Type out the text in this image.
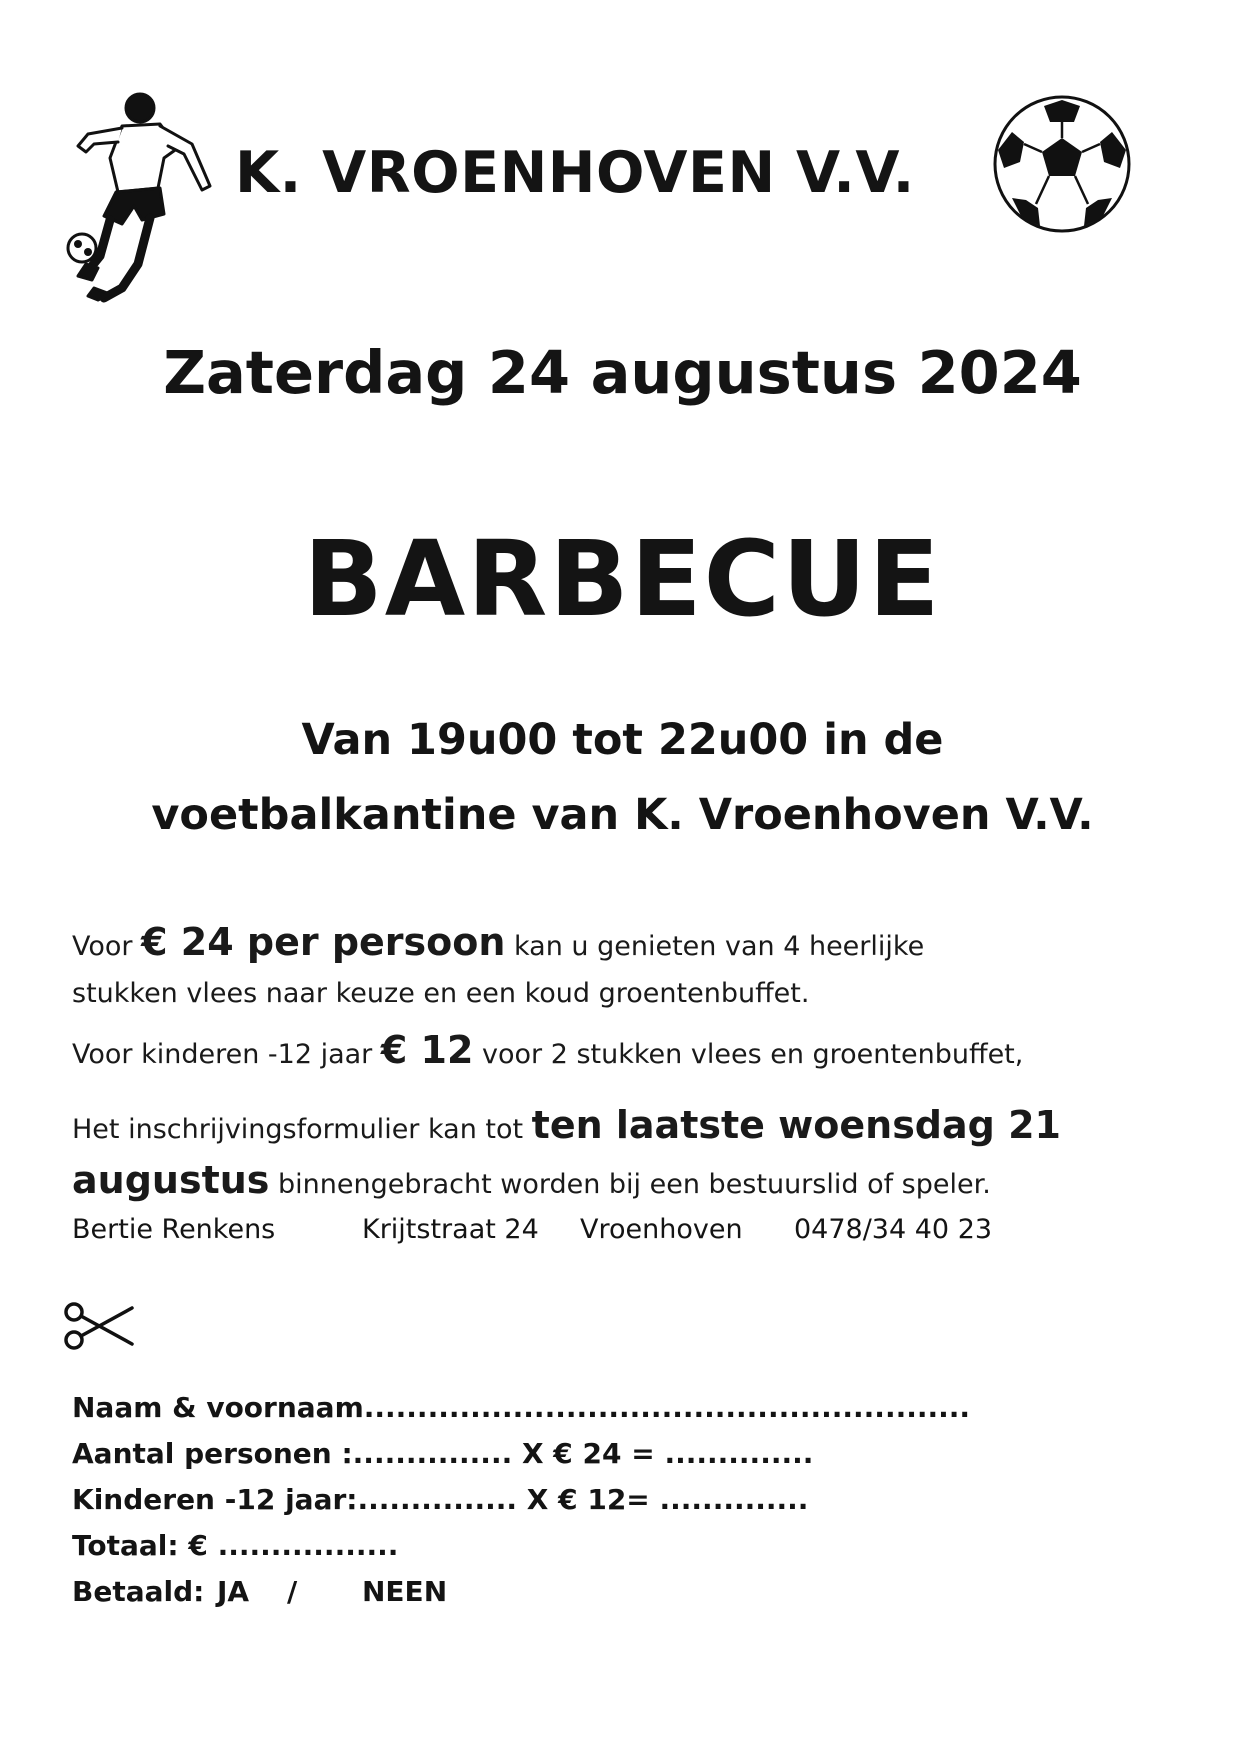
K. VROENHOVEN V.V.
Zaterdag 24 augustus 2024
BARBECUE
Van 19u00 tot 22u00 in de
voetbalkantine van K. Vroenhoven V.V.
Voor € 24 per persoon kan u genieten van 4 heerlijke
stukken vlees naar keuze en een koud groentenbuffet.
Voor kinderen -12 jaar € 12 voor 2 stukken vlees en groentenbuffet,
Het inschrijvingsformulier kan tot ten laatste woensdag 21
augustus binnengebracht worden bij een bestuurslid of speler.
Bertie Renkens	Krijtstraat 24 Vroenhoven 0478/34 40 23
Naam & voornaam.........................................................
Aantal personen :............... X € 24 = ..............
Kinderen -12 jaar:............... X € 12= ..............
Totaal: € .................
Betaald: JA / NEEN
